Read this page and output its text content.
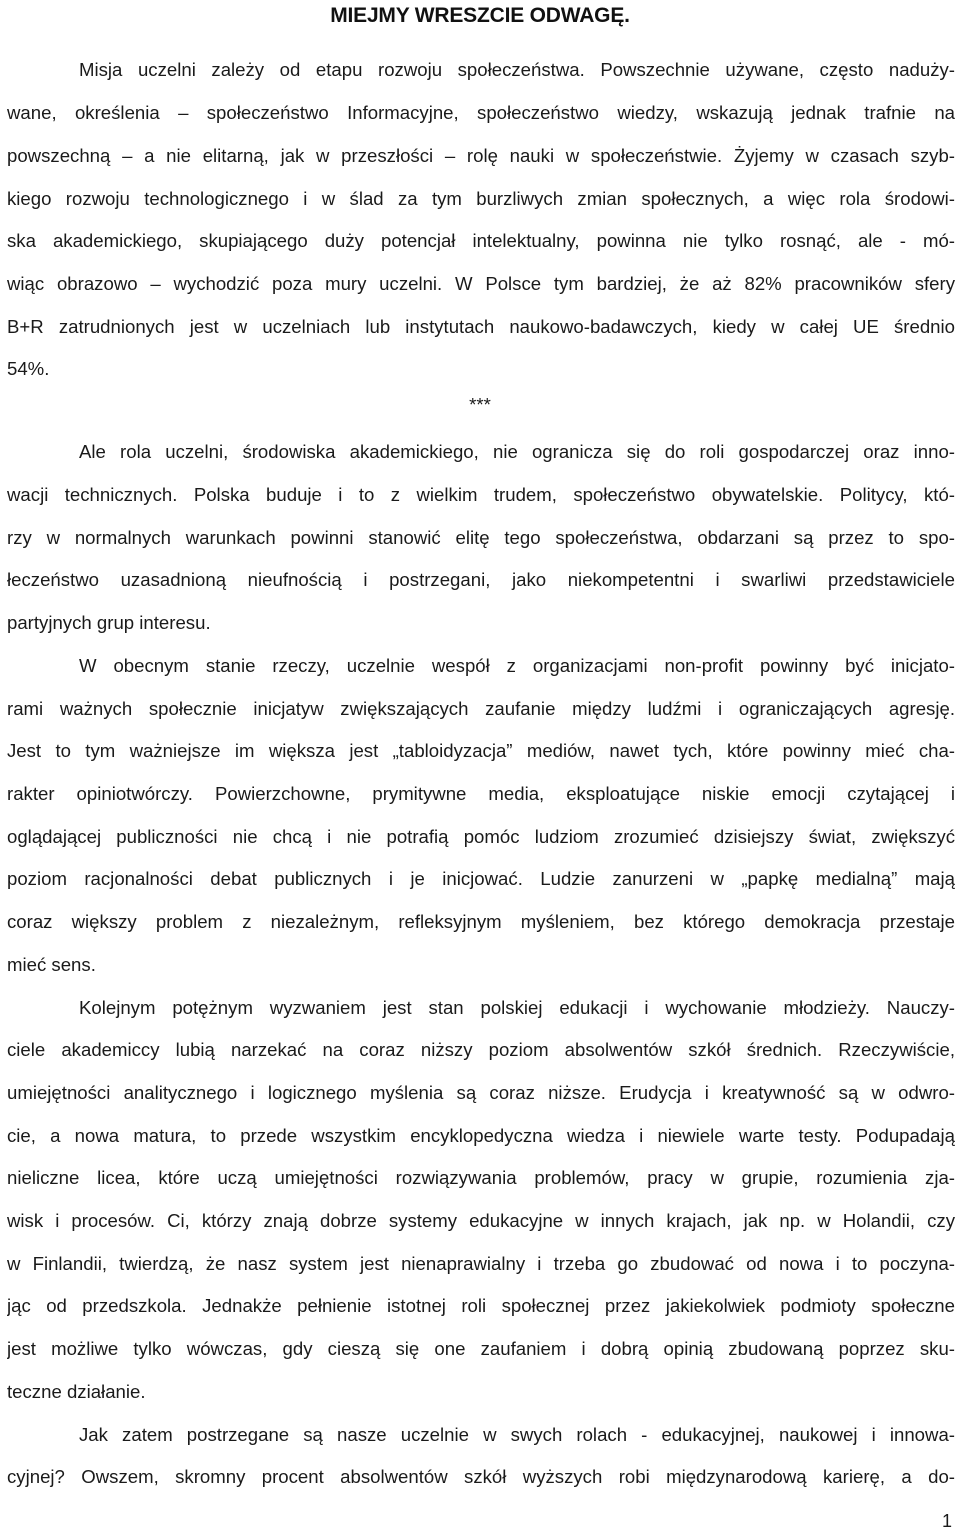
MIEJMY WRESZCIE ODWAGĘ.
Misja uczelni zależy od etapu rozwoju społeczeństwa. Powszechnie używane, często naduży-
wane, określenia – społeczeństwo Informacyjne, społeczeństwo wiedzy, wskazują jednak trafnie na
powszechną – a nie elitarną, jak w przeszłości – rolę nauki w społeczeństwie. Żyjemy w czasach szyb-
kiego rozwoju technologicznego i w ślad za tym burzliwych zmian społecznych, a więc rola środowi-
ska akademickiego, skupiającego duży potencjał intelektualny, powinna nie tylko rosnąć, ale - mó-
wiąc obrazowo – wychodzić poza mury uczelni. W Polsce tym bardziej, że aż 82% pracowników sfery
B+R zatrudnionych jest w uczelniach lub instytutach naukowo-badawczych, kiedy w całej UE średnio
54%.
***
Ale rola uczelni, środowiska akademickiego, nie ogranicza się do roli gospodarczej oraz inno-
wacji technicznych. Polska buduje i to z wielkim trudem, społeczeństwo obywatelskie. Politycy, któ-
rzy w normalnych warunkach powinni stanowić elitę tego społeczeństwa, obdarzani są przez to spo-
łeczeństwo uzasadnioną nieufnością i postrzegani, jako niekompetentni i swarliwi przedstawiciele
partyjnych grup interesu.
W obecnym stanie rzeczy, uczelnie wespół z organizacjami non-profit powinny być inicjato-
rami ważnych społecznie inicjatyw zwiększających zaufanie między ludźmi i ograniczających agresję.
Jest to tym ważniejsze im większa jest „tabloidyzacja” mediów, nawet tych, które powinny mieć cha-
rakter opiniotwórczy. Powierzchowne, prymitywne media, eksploatujące niskie emocji czytającej i
oglądającej publiczności nie chcą i nie potrafią pomóc ludziom zrozumieć dzisiejszy świat, zwiększyć
poziom racjonalności debat publicznych i je inicjować. Ludzie zanurzeni w „papkę medialną” mają
coraz większy problem z niezależnym, refleksyjnym myśleniem, bez którego demokracja przestaje
mieć sens.
Kolejnym potężnym wyzwaniem jest stan polskiej edukacji i wychowanie młodzieży. Nauczy-
ciele akademiccy lubią narzekać na coraz niższy poziom absolwentów szkół średnich. Rzeczywiście,
umiejętności analitycznego i logicznego myślenia są coraz niższe. Erudycja i kreatywność są w odwro-
cie, a nowa matura, to przede wszystkim encyklopedyczna wiedza i niewiele warte testy. Podupadają
nieliczne licea, które uczą umiejętności rozwiązywania problemów, pracy w grupie, rozumienia zja-
wisk i procesów. Ci, którzy znają dobrze systemy edukacyjne w innych krajach, jak np. w Holandii, czy
w Finlandii, twierdzą, że nasz system jest nienaprawialny i trzeba go zbudować od nowa i to poczyna-
jąc od przedszkola. Jednakże pełnienie istotnej roli społecznej przez jakiekolwiek podmioty społeczne
jest możliwe tylko wówczas, gdy cieszą się one zaufaniem i dobrą opinią zbudowaną poprzez sku-
teczne działanie.
Jak zatem postrzegane są nasze uczelnie w swych rolach - edukacyjnej, naukowej i innowa-
cyjnej? Owszem, skromny procent absolwentów szkół wyższych robi międzynarodową karierę, a do-
1
